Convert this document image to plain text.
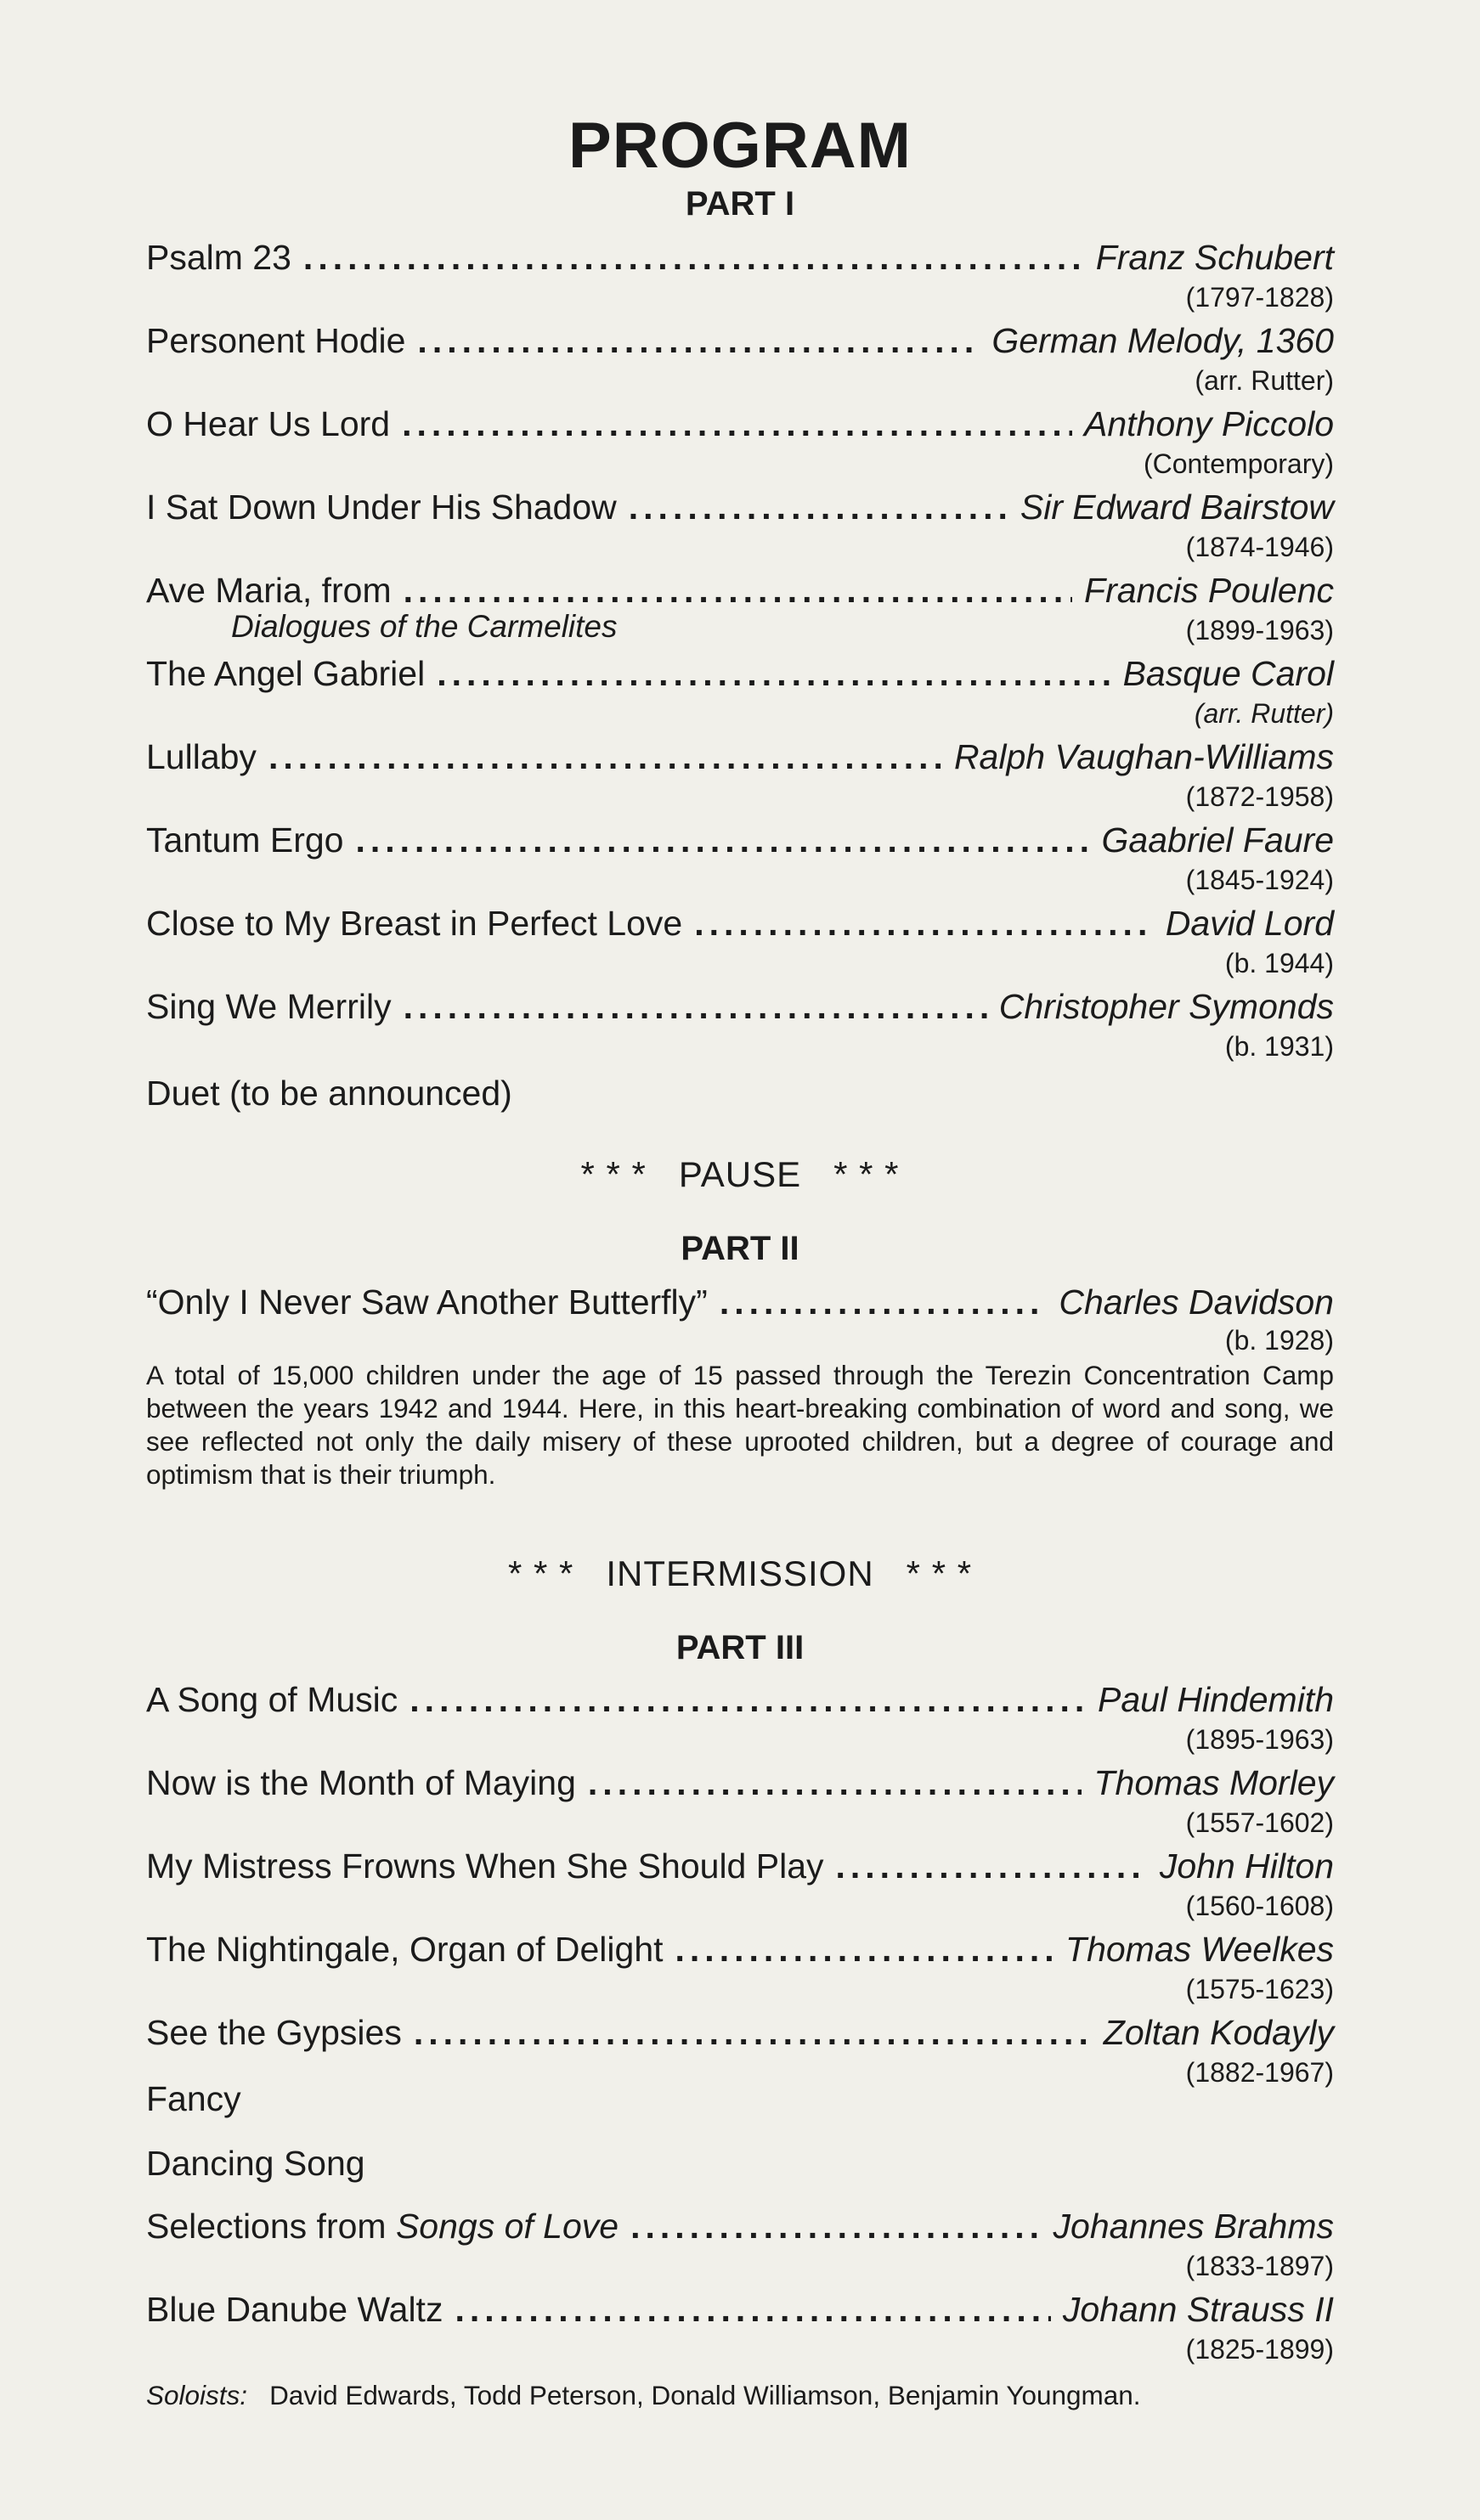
PROGRAM
PART I
Psalm 23 .....	Franz Schubert
(1797-1828)
Personent Hodie .....	German Melody, 1360
(arr. Rutter)
O Hear Us Lord .....	Anthony Piccolo
(Contemporary)
I Sat Down Under His Shadow .....	Sir Edward Bairstow
(1874-1946)
Ave Maria, from .....	Francis Poulenc
Dialogues of the Carmelites	(1899-1963)
The Angel Gabriel .....	Basque Carol
(arr. Rutter)
Lullaby .....	Ralph Vaughan-Williams
(1872-1958)
Tantum Ergo .....	Gaabriel Faure
(1845-1924)
Close to My Breast in Perfect Love .....	David Lord
(b. 1944)
Sing We Merrily .....	Christopher Symonds
(b. 1931)
Duet (to be announced)
* * *   PAUSE   * * *
PART II
“Only I Never Saw Another Butterfly” .....	Charles Davidson
(b. 1928)
A total of 15,000 children under the age of 15 passed through the Terezin Concentration Camp between the years 1942 and 1944. Here, in this heart-breaking combination of word and song, we see reflected not only the daily misery of these uprooted children, but a degree of courage and optimism that is their triumph.
* * *   INTERMISSION   * * *
PART III
A Song of Music .....	Paul Hindemith
(1895-1963)
Now is the Month of Maying .....	Thomas Morley
(1557-1602)
My Mistress Frowns When She Should Play .....	John Hilton
(1560-1608)
The Nightingale, Organ of Delight .....	Thomas Weelkes
(1575-1623)
See the Gypsies .....	Zoltan Kodayly
(1882-1967)
Fancy
Dancing Song
Selections from Songs of Love .....	Johannes Brahms
(1833-1897)
Blue Danube Waltz .....	Johann Strauss II
(1825-1899)
Soloists: David Edwards, Todd Peterson, Donald Williamson, Benjamin Youngman.
